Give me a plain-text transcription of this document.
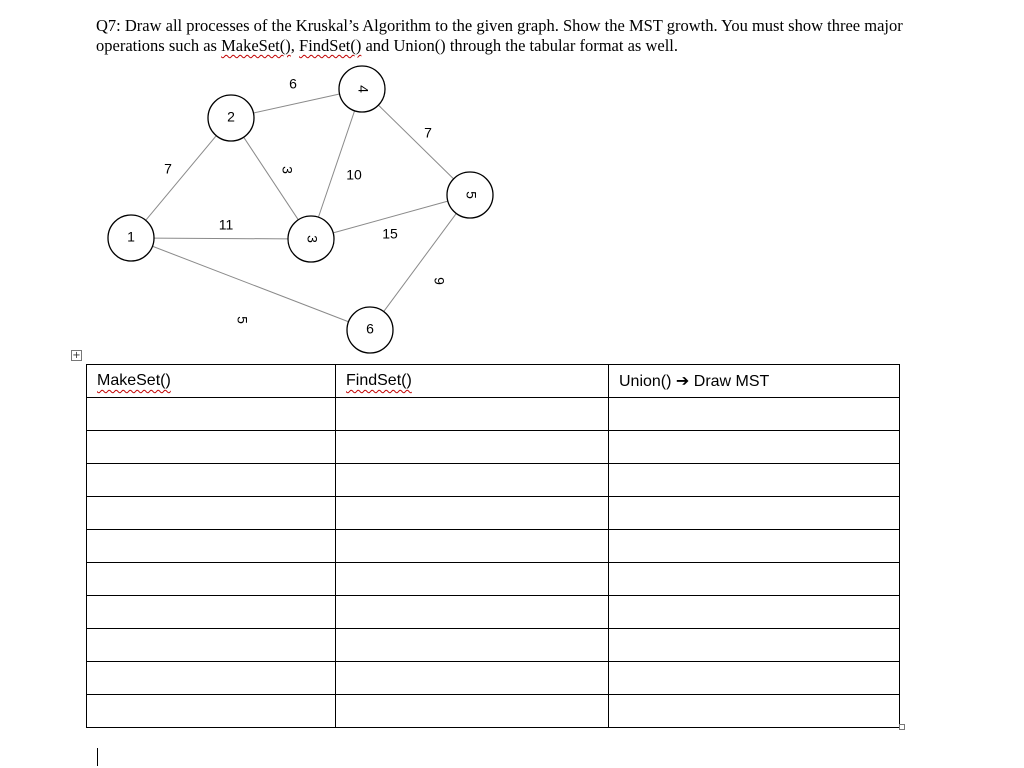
Q7: Draw all processes of the Kruskal’s Algorithm to the given graph. Show the MST growth. You must show three major operations such as MakeSet(), FindSet() and Union() through the tabular format as well.

7
6
3
11
10
7
15
5
9
1
2
3
4
5
6
+
MakeSet()	FindSet()	Union() ➔ Draw MST
